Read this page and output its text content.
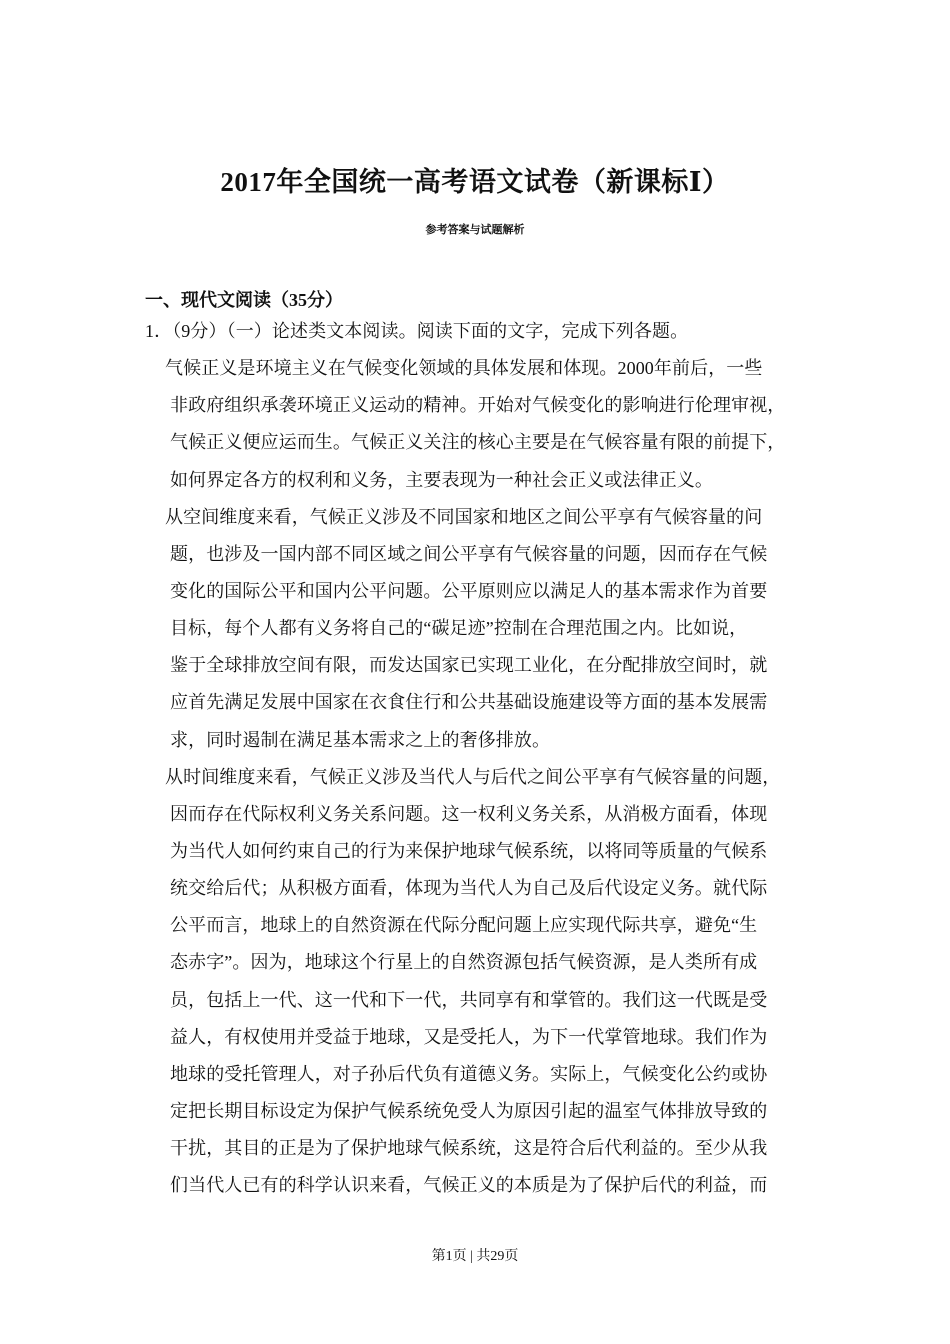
2017年全国统一高考语文试卷（新课标Ⅰ）
参考答案与试题解析
一、现代文阅读（35分）
1．（9分）（一）论述类文本阅读。阅读下面的文字，完成下列各题。
气候正义是环境主义在气候变化领域的具体发展和体现。2000年前后，一些
非政府组织承袭环境正义运动的精神。开始对气候变化的影响进行伦理审视，
气候正义便应运而生。气候正义关注的核心主要是在气候容量有限的前提下，
如何界定各方的权利和义务，主要表现为一种社会正义或法律正义。
从空间维度来看，气候正义涉及不同国家和地区之间公平享有气候容量的问
题，也涉及一国内部不同区域之间公平享有气候容量的问题，因而存在气候
变化的国际公平和国内公平问题。公平原则应以满足人的基本需求作为首要
目标，每个人都有义务将自己的“碳足迹”控制在合理范围之内。比如说，
鉴于全球排放空间有限，而发达国家已实现工业化，在分配排放空间时，就
应首先满足发展中国家在衣食住行和公共基础设施建设等方面的基本发展需
求，同时遏制在满足基本需求之上的奢侈排放。
从时间维度来看，气候正义涉及当代人与后代之间公平享有气候容量的问题，
因而存在代际权利义务关系问题。这一权利义务关系，从消极方面看，体现
为当代人如何约束自己的行为来保护地球气候系统，以将同等质量的气候系
统交给后代；从积极方面看，体现为当代人为自己及后代设定义务。就代际
公平而言，地球上的自然资源在代际分配问题上应实现代际共享，避免“生
态赤字”。因为，地球这个行星上的自然资源包括气候资源，是人类所有成
员，包括上一代、这一代和下一代，共同享有和掌管的。我们这一代既是受
益人，有权使用并受益于地球，又是受托人，为下一代掌管地球。我们作为
地球的受托管理人，对子孙后代负有道德义务。实际上，气候变化公约或协
定把长期目标设定为保护气候系统免受人为原因引起的温室气体排放导致的
干扰，其目的正是为了保护地球气候系统，这是符合后代利益的。至少从我
们当代人已有的科学认识来看，气候正义的本质是为了保护后代的利益，而
第1页 | 共29页
